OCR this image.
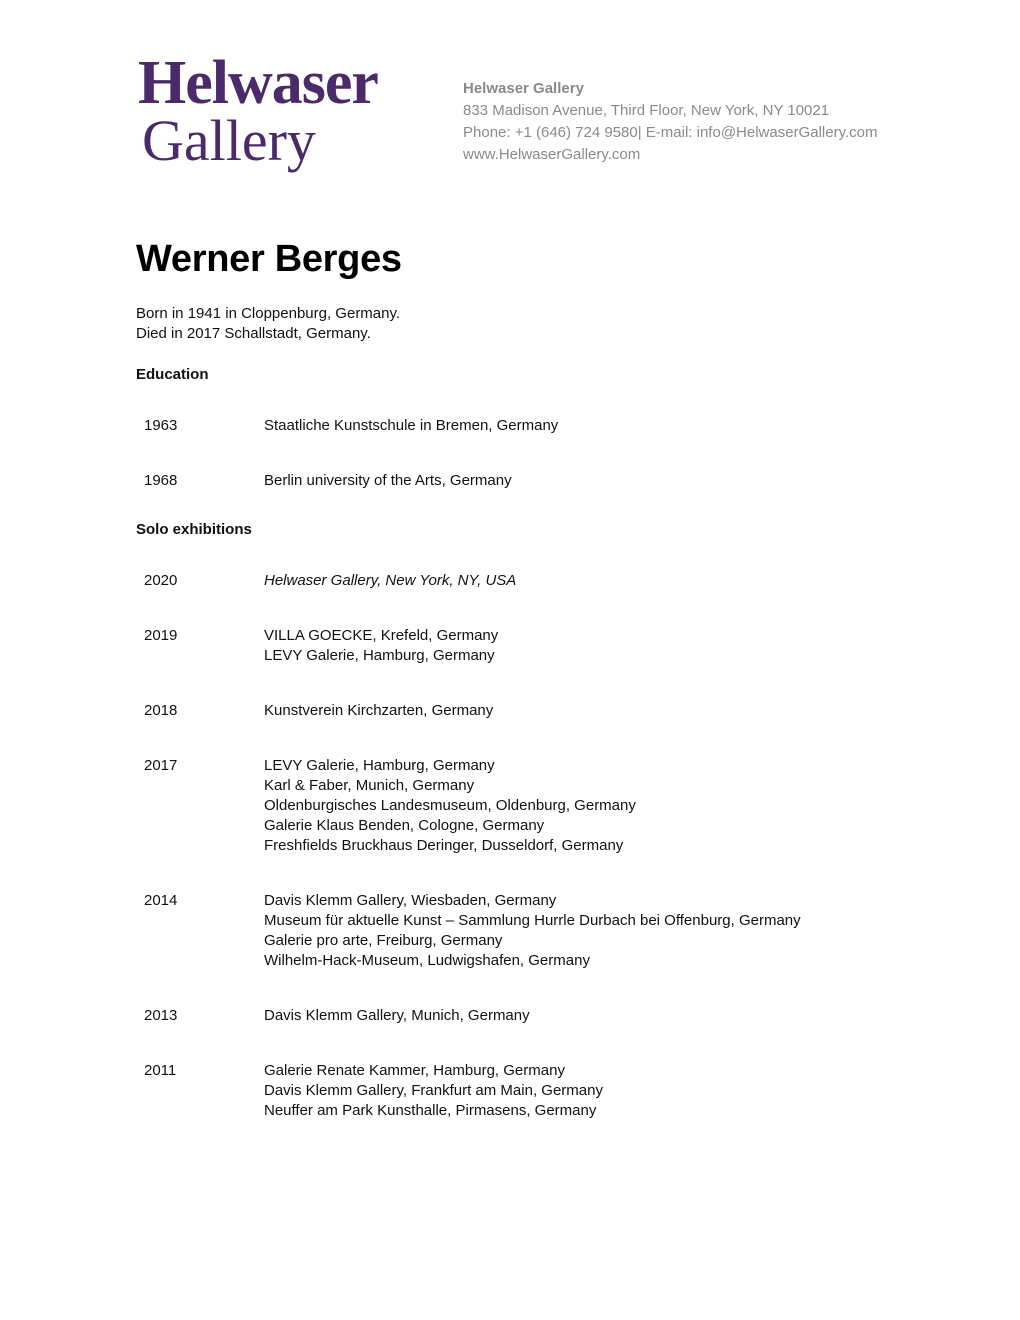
Helwaser
Gallery
Helwaser Gallery
833 Madison Avenue, Third Floor, New York, NY 10021
Phone: +1 (646) 724 9580| E-mail: info@HelwaserGallery.com
www.HelwaserGallery.com
Werner Berges
Born in 1941 in Cloppenburg, Germany.
Died in 2017 Schallstadt, Germany.
Education
1963	Staatliche Kunstschule in Bremen, Germany
1968	Berlin university of the Arts, Germany
Solo exhibitions
2020	Helwaser Gallery, New York, NY, USA
2019	VILLA GOECKE, Krefeld, Germany
LEVY Galerie, Hamburg, Germany
2018	Kunstverein Kirchzarten, Germany
2017	LEVY Galerie, Hamburg, Germany
Karl & Faber, Munich, Germany
Oldenburgisches Landesmuseum, Oldenburg, Germany
Galerie Klaus Benden, Cologne, Germany
Freshfields Bruckhaus Deringer, Dusseldorf, Germany
2014	Davis Klemm Gallery, Wiesbaden, Germany
Museum für aktuelle Kunst – Sammlung Hurrle Durbach bei Offenburg, Germany
Galerie pro arte, Freiburg, Germany
Wilhelm-Hack-Museum, Ludwigshafen, Germany
2013	Davis Klemm Gallery, Munich, Germany
2011	Galerie Renate Kammer, Hamburg, Germany
Davis Klemm Gallery, Frankfurt am Main, Germany
Neuffer am Park Kunsthalle, Pirmasens, Germany
